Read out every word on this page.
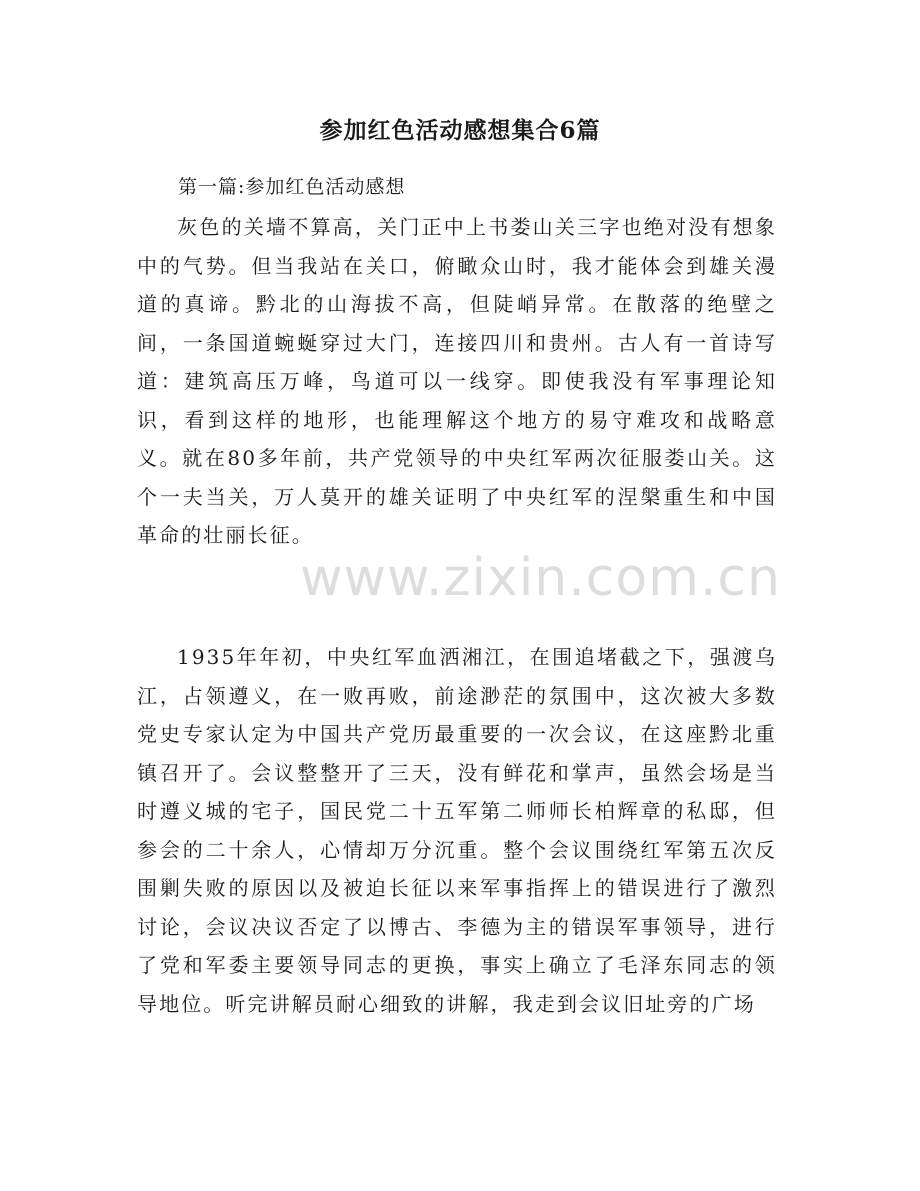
参加红色活动感想集合6篇

第一篇:参加红色活动感想

灰色的关墙不算高，关门正中上书娄山关三字也绝对没有想象中的气势。但当我站在关口，俯瞰众山时，我才能体会到雄关漫道的真谛。黔北的山海拔不高，但陡峭异常。在散落的绝壁之间，一条国道蜿蜒穿过大门，连接四川和贵州。古人有一首诗写道：建筑高压万峰，鸟道可以一线穿。即使我没有军事理论知识，看到这样的地形，也能理解这个地方的易守难攻和战略意义。就在80多年前，共产党领导的中央红军两次征服娄山关。这个一夫当关，万人莫开的雄关证明了中央红军的涅槃重生和中国革命的壮丽长征。

1935年年初，中央红军血洒湘江，在围追堵截之下，强渡乌江，占领遵义，在一败再败，前途渺茫的氛围中，这次被大多数党史专家认定为中国共产党历最重要的一次会议，在这座黔北重镇召开了。会议整整开了三天，没有鲜花和掌声，虽然会场是当时遵义城的宅子，国民党二十五军第二师师长柏辉章的私邸，但参会的二十余人，心情却万分沉重。整个会议围绕红军第五次反围剿失败的原因以及被迫长征以来军事指挥上的错误进行了激烈讨论，会议决议否定了以博古、李德为主的错误军事领导，进行了党和军委主要领导同志的更换，事实上确立了毛泽东同志的领导地位。听完讲解员耐心细致的讲解，我走到会议旧址旁的广场

www.zixin.com.cn
